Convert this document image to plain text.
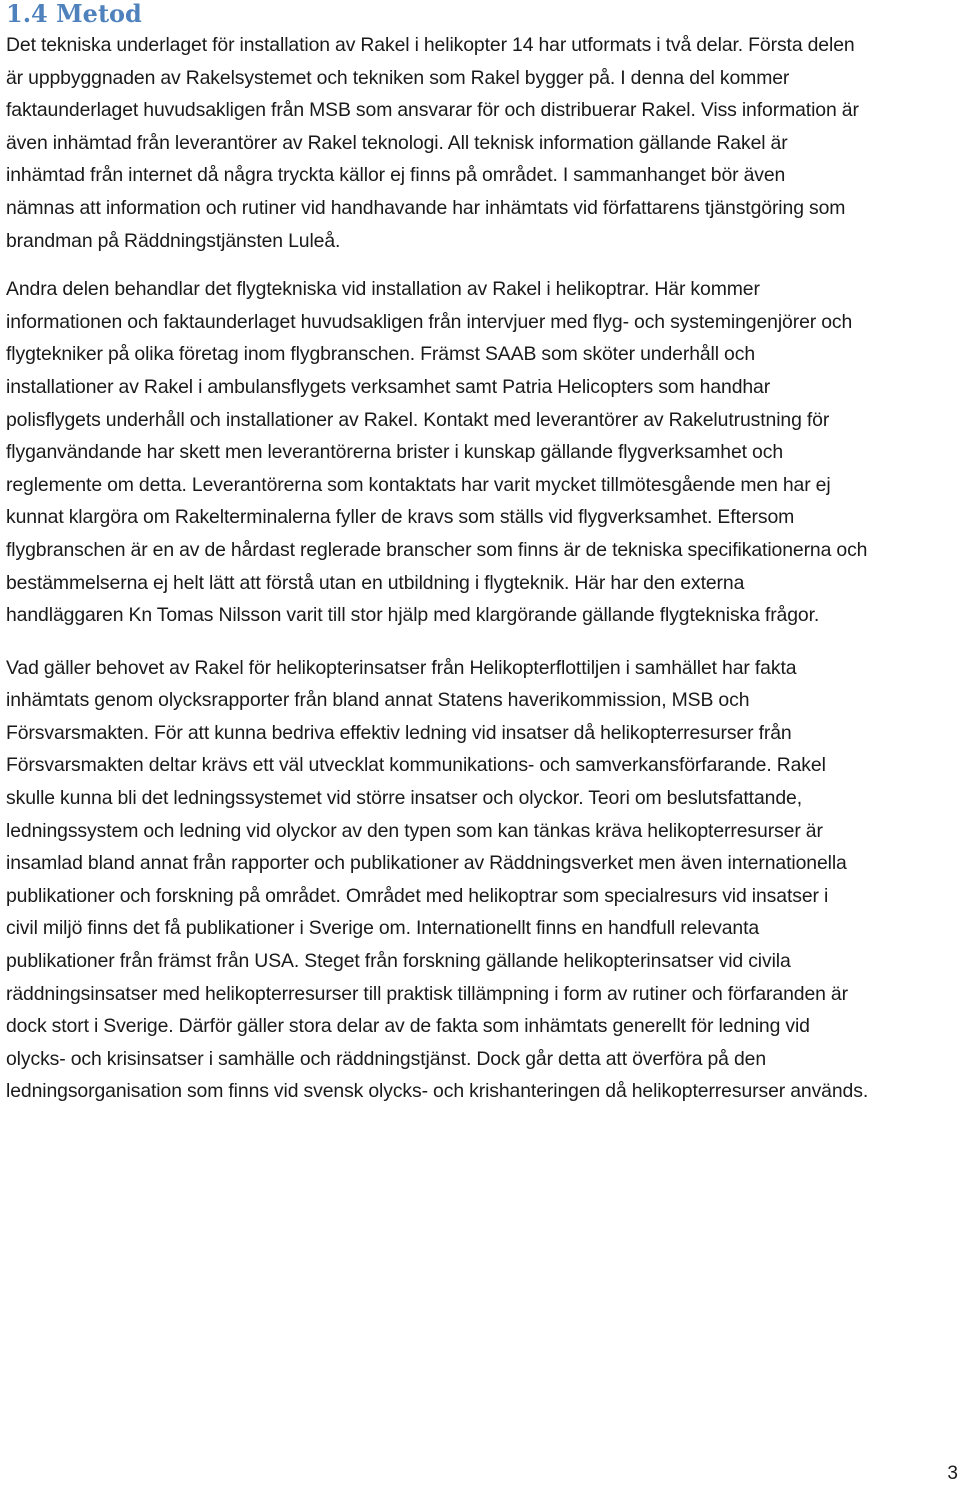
1.4 Metod

Det tekniska underlaget för installation av Rakel i helikopter 14 har utformats i två delar. Första delen
är uppbyggnaden av Rakelsystemet och tekniken som Rakel bygger på. I denna del kommer
faktaunderlaget huvudsakligen från MSB som ansvarar för och distribuerar Rakel. Viss information är
även inhämtad från leverantörer av Rakel teknologi. All teknisk information gällande Rakel är
inhämtad från internet då några tryckta källor ej finns på området. I sammanhanget bör även
nämnas att information och rutiner vid handhavande har inhämtats vid författarens tjänstgöring som
brandman på Räddningstjänsten Luleå.

Andra delen behandlar det flygtekniska vid installation av Rakel i helikoptrar. Här kommer
informationen och faktaunderlaget huvudsakligen från intervjuer med flyg- och systemingenjörer och
flygtekniker på olika företag inom flygbranschen. Främst SAAB som sköter underhåll och
installationer av Rakel i ambulansflygets verksamhet samt Patria Helicopters som handhar
polisflygets underhåll och installationer av Rakel. Kontakt med leverantörer av Rakelutrustning för
flyganvändande har skett men leverantörerna brister i kunskap gällande flygverksamhet och
reglemente om detta. Leverantörerna som kontaktats har varit mycket tillmötesgående men har ej
kunnat klargöra om Rakelterminalerna fyller de kravs som ställs vid flygverksamhet. Eftersom
flygbranschen är en av de hårdast reglerade branscher som finns är de tekniska specifikationerna och
bestämmelserna ej helt lätt att förstå utan en utbildning i flygteknik. Här har den externa
handläggaren Kn Tomas Nilsson varit till stor hjälp med klargörande gällande flygtekniska frågor.

Vad gäller behovet av Rakel för helikopterinsatser från Helikopterflottiljen i samhället har fakta
inhämtats genom olycksrapporter från bland annat Statens haverikommission, MSB och
Försvarsmakten. För att kunna bedriva effektiv ledning vid insatser då helikopterresurser från
Försvarsmakten deltar krävs ett väl utvecklat kommunikations- och samverkansförfarande. Rakel
skulle kunna bli det ledningssystemet vid större insatser och olyckor. Teori om beslutsfattande,
ledningssystem och ledning vid olyckor av den typen som kan tänkas kräva helikopterresurser är
insamlad bland annat från rapporter och publikationer av Räddningsverket men även internationella
publikationer och forskning på området. Området med helikoptrar som specialresurs vid insatser i
civil miljö finns det få publikationer i Sverige om. Internationellt finns en handfull relevanta
publikationer från främst från USA. Steget från forskning gällande helikopterinsatser vid civila
räddningsinsatser med helikopterresurser till praktisk tillämpning i form av rutiner och förfaranden är
dock stort i Sverige. Därför gäller stora delar av de fakta som inhämtats generellt för ledning vid
olycks- och krisinsatser i samhälle och räddningstjänst. Dock går detta att överföra på den
ledningsorganisation som finns vid svensk olycks- och krishanteringen då helikopterresurser används.

3
